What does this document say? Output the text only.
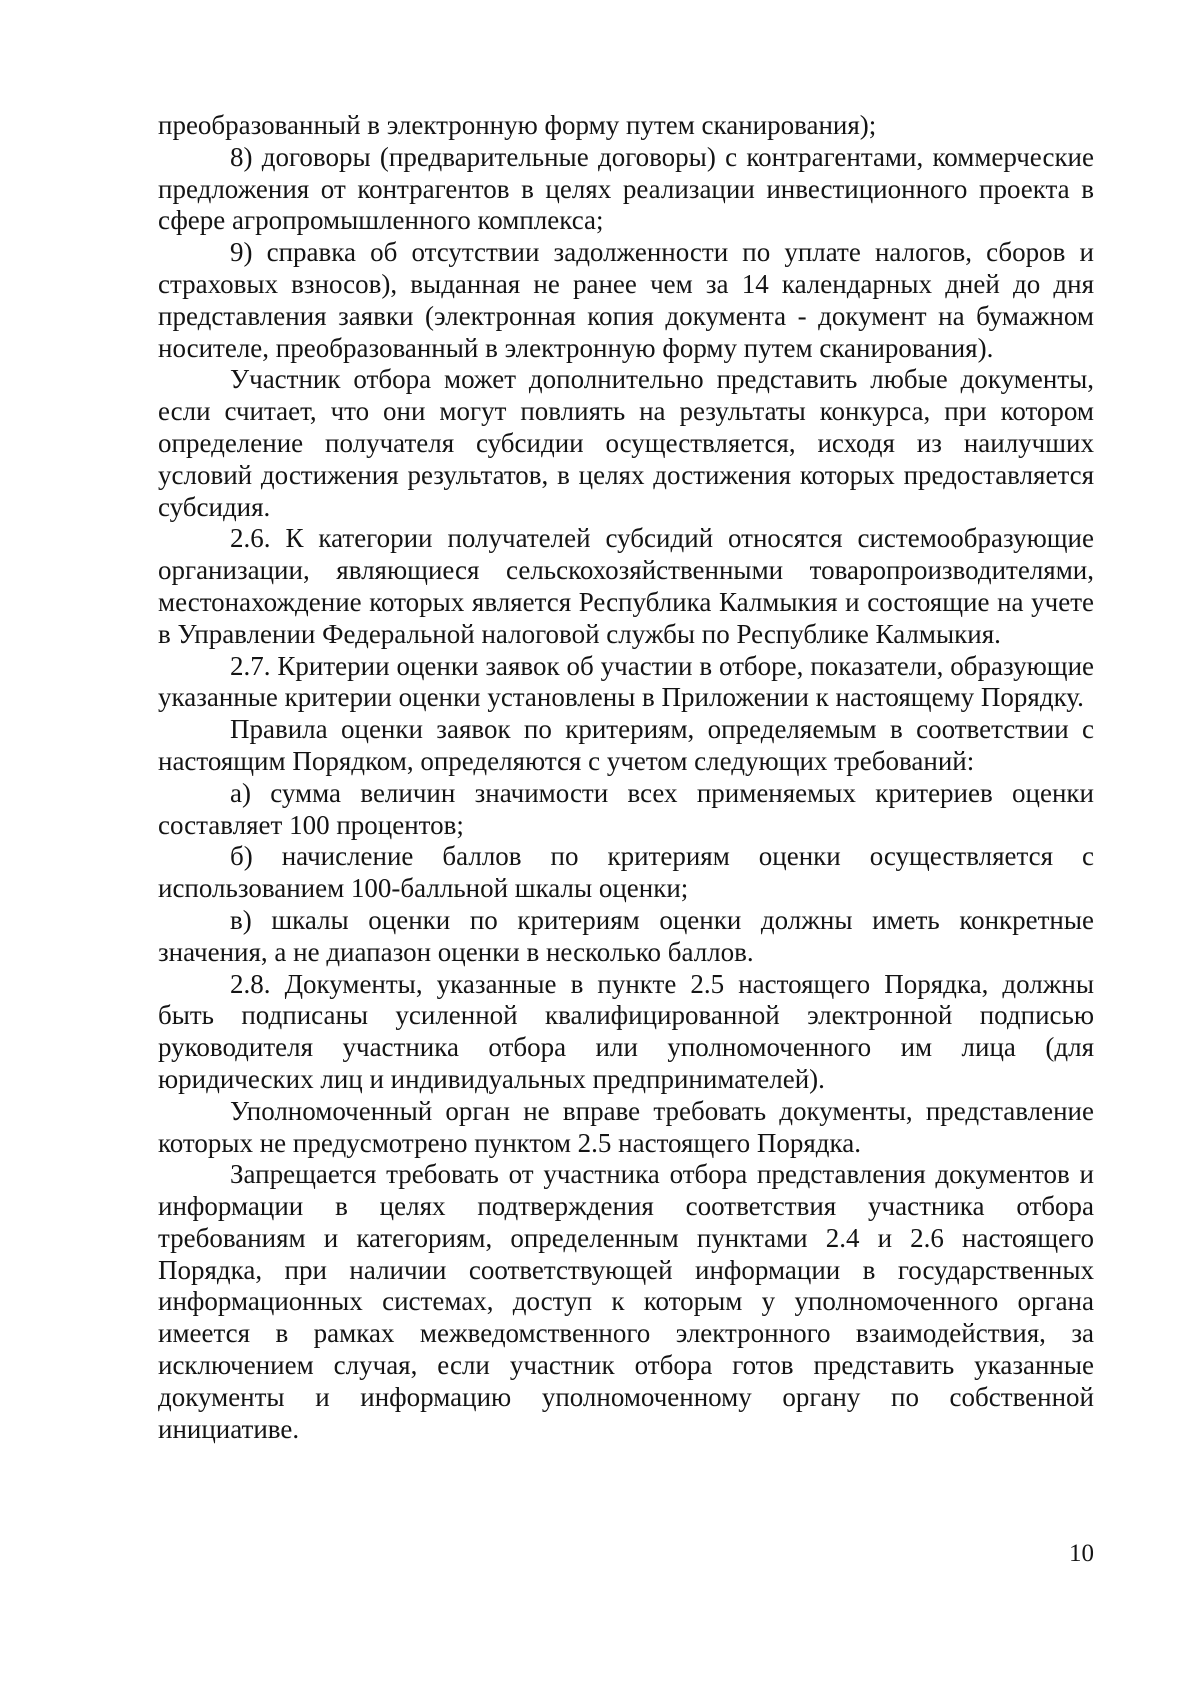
преобразованный в электронную форму путем сканирования);

8) договоры (предварительные договоры) с контрагентами, коммерческие предложения от контрагентов в целях реализации инвестиционного проекта в сфере агропромышленного комплекса;

9) справка об отсутствии задолженности по уплате налогов, сборов и страховых взносов), выданная не ранее чем за 14 календарных дней до дня представления заявки (электронная копия документа - документ на бумажном носителе, преобразованный в электронную форму путем сканирования).

Участник отбора может дополнительно представить любые документы, если считает, что они могут повлиять на результаты конкурса, при котором определение получателя субсидии осуществляется, исходя из наилучших условий достижения результатов, в целях достижения которых предоставляется субсидия.

2.6. К категории получателей субсидий относятся системообразующие организации, являющиеся сельскохозяйственными товаропроизводителями, местонахождение которых является Республика Калмыкия и состоящие на учете в Управлении Федеральной налоговой службы по Республике Калмыкия.

2.7. Критерии оценки заявок об участии в отборе, показатели, образующие указанные критерии оценки установлены в Приложении к настоящему Порядку.

Правила оценки заявок по критериям, определяемым в соответствии с настоящим Порядком, определяются с учетом следующих требований:

а) сумма величин значимости всех применяемых критериев оценки составляет 100 процентов;

б) начисление баллов по критериям оценки осуществляется с использованием 100-балльной шкалы оценки;

в) шкалы оценки по критериям оценки должны иметь конкретные значения, а не диапазон оценки в несколько баллов.

2.8. Документы, указанные в пункте 2.5 настоящего Порядка, должны быть подписаны усиленной квалифицированной электронной подписью руководителя участника отбора или уполномоченного им лица (для юридических лиц и индивидуальных предпринимателей).

Уполномоченный орган не вправе требовать документы, представление которых не предусмотрено пунктом 2.5 настоящего Порядка.

Запрещается требовать от участника отбора представления документов и информации в целях подтверждения соответствия участника отбора требованиям и категориям, определенным пунктами 2.4 и 2.6 настоящего Порядка, при наличии соответствующей информации в государственных информационных системах, доступ к которым у уполномоченного органа имеется в рамках межведомственного электронного взаимодействия, за исключением случая, если участник отбора готов представить указанные документы и информацию уполномоченному органу по собственной инициативе.

10
